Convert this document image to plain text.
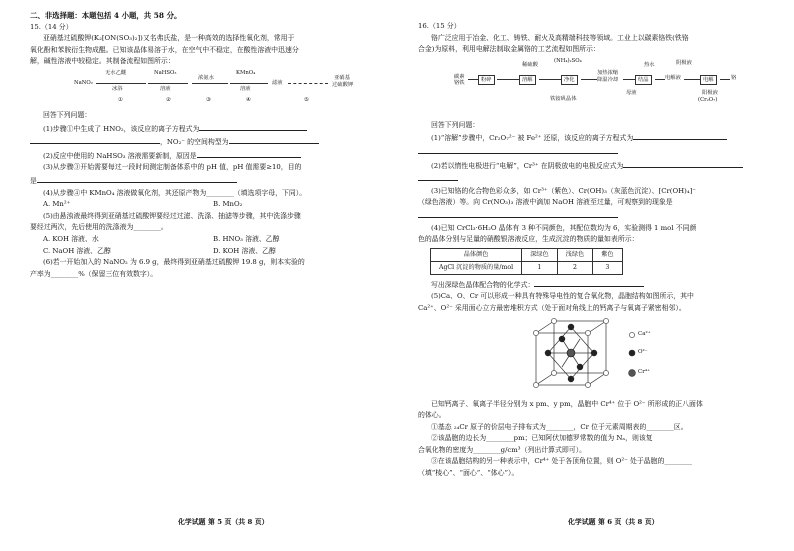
二、非选择题：本题包括 4 小题，共 58 分。
15.（14 分）
亚硝基过硫酸钾(K₂[ON(SO₃)₂])又名弗氏盐，是一种高效的选择性氧化剂，常用于
氧化酚和苯胺衍生物成醌。已知该晶体易溶于水，在空气中不稳定，在酸性溶液中迅速分
解，碱性溶液中较稳定。其制备流程如图所示：
NaNO₂
无水乙醚
冰浴
NaHSO₃
溶液
浓氨水
KMnO₄
溶液
滤液
亚硝基
过硫酸钾
①	②	③	④	⑤
回答下列问题：
(1)步骤①中生成了 HNO₂，该反应的离子方程式为
，NO₂⁻ 的空间构型为
(2)反应中使用的 NaHSO₃ 溶液需要新制，原因是
(3)从步骤③开始需要每过一段时间测定制备体系中的 pH 值，pH 值需要≥10，目的
是
(4)从步骤④中 KMnO₄ 溶液做氧化剂，其还原产物为________（填选项字母，下同）。
A. Mn²⁺	B. MnO₂
(5)由悬浊液最终得到亚硝基过硫酸钾要经过过滤、洗涤、抽滤等步骤，其中洗涤步骤
要经过两次，先后使用的洗涤液为________。
A. KOH 溶液、水	B. HNO₃ 溶液、乙醇
C. NaOH 溶液、乙醇	D. KOH 溶液、乙醇
(6)若一开始加入的 NaNO₂ 为 6.9 g，最终得到亚硝基过硫酸钾 19.8 g，则本实验的
产率为________%（保留三位有效数字）。
化学试题 第 5 页（共 8 页）
16.（15 分）
铬广泛应用于冶金、化工、铸铁、耐火及高精端科技等领域。工业上以碳素铬铁(铁铬
合金)为原料，利用电解法制取金属铬的工艺流程如图所示：
碳素
铬铁	粉碎	溶解
稀硫酸
净化
(NH₄)₂SO₄
加热浓缩
降温冷却	结晶
热水
电解液	电解	铬
阴极液
阳极液
(Cr₂O₇)
铁铵矾晶体
母液
回答下列问题：
(1)“溶解”步骤中，Cr₂O₇²⁻ 被 Fe²⁺ 还原，该反应的离子方程式为
(2)若以惰性电极进行“电解”，Cr³⁺ 在阴极放电的电极反应式为
(3)已知铬的化合物色彩众多，如 Cr³⁺（紫色）、Cr(OH)₃（灰蓝色沉淀）、[Cr(OH)₄]⁻
（绿色溶液）等。向 Cr(NO₃)₃ 溶液中滴加 NaOH 溶液至过量，可观察到的现象是
(4)已知 CrCl₃·6H₂O 晶体有 3 种不同颜色，其配位数均为 6，实验测得 1 mol 不同颜
色的晶体分别与足量的硝酸银溶液反应，生成沉淀的物质的量如表所示：
晶体颜色	深绿色	浅绿色	紫色
AgCl 沉淀的物质的量/mol	1	2	3
写出深绿色晶体配合物的化学式：
(5)Ca、O、Cr 可以形成一种具有特殊导电性的复合氧化物，晶胞结构如图所示，其中
Ca²⁺、O²⁻ 采用面心立方最密堆积方式（处于面对角线上的钙离子与氧离子紧密相邻）。
Ca²⁺
O²⁻
Cr⁴⁺
已知钙离子、氧离子半径分别为 x pm、y pm，晶胞中 Cr⁴⁺ 位于 O²⁻ 所形成的正八面体
的体心。
①基态 ₂₄Cr 原子的价层电子排布式为________，Cr 位于元素周期表的________区。
②该晶胞的边长为________pm；已知阿伏加德罗常数的值为 Nₐ，则该复
合氧化物的密度为________g/cm³（列出计算式即可）。
③在该晶胞结构的另一种表示中，Cr⁴⁺ 处于各顶角位置，则 O²⁻ 处于晶胞的________
（填“棱心”、“面心”、“体心”）。
化学试题 第 6 页（共 8 页）
